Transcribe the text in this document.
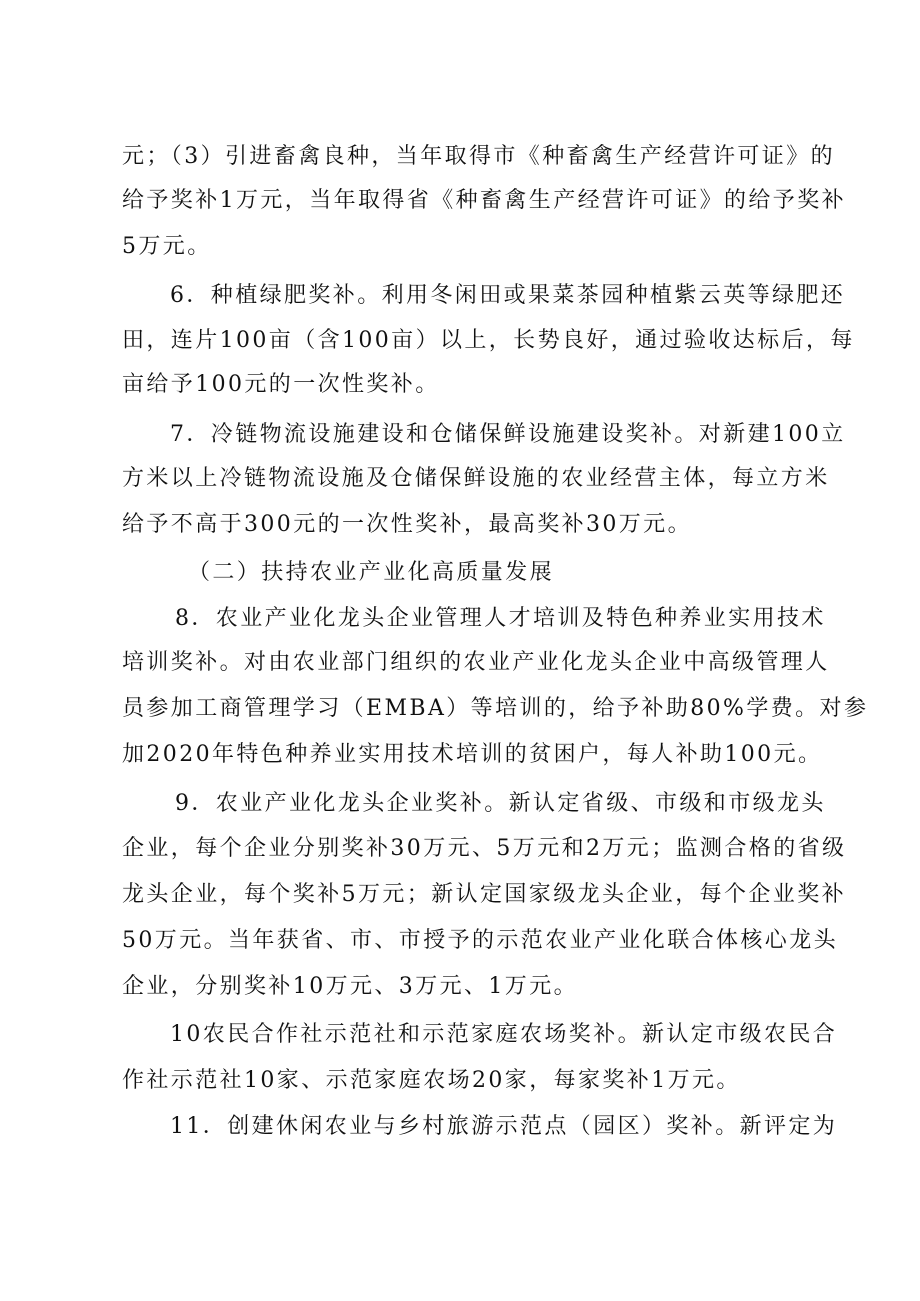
元；（3）引进畜禽良种，当年取得市《种畜禽生产经营许可证》的
给予奖补1万元，当年取得省《种畜禽生产经营许可证》的给予奖补
5万元。
6．种植绿肥奖补。利用冬闲田或果菜茶园种植紫云英等绿肥还
田，连片100亩（含100亩）以上，长势良好，通过验收达标后，每
亩给予100元的一次性奖补。
7．冷链物流设施建设和仓储保鲜设施建设奖补。对新建100立
方米以上冷链物流设施及仓储保鲜设施的农业经营主体，每立方米
给予不高于300元的一次性奖补，最高奖补30万元。
（二）扶持农业产业化高质量发展
8．农业产业化龙头企业管理人才培训及特色种养业实用技术
培训奖补。对由农业部门组织的农业产业化龙头企业中高级管理人
员参加工商管理学习（EMBA）等培训的，给予补助80%学费。对参
加2020年特色种养业实用技术培训的贫困户，每人补助100元。
9．农业产业化龙头企业奖补。新认定省级、市级和市级龙头
企业，每个企业分别奖补30万元、5万元和2万元；监测合格的省级
龙头企业，每个奖补5万元；新认定国家级龙头企业，每个企业奖补
50万元。当年获省、市、市授予的示范农业产业化联合体核心龙头
企业，分别奖补10万元、3万元、1万元。
10农民合作社示范社和示范家庭农场奖补。新认定市级农民合
作社示范社10家、示范家庭农场20家，每家奖补1万元。
11．创建休闲农业与乡村旅游示范点（园区）奖补。新评定为
